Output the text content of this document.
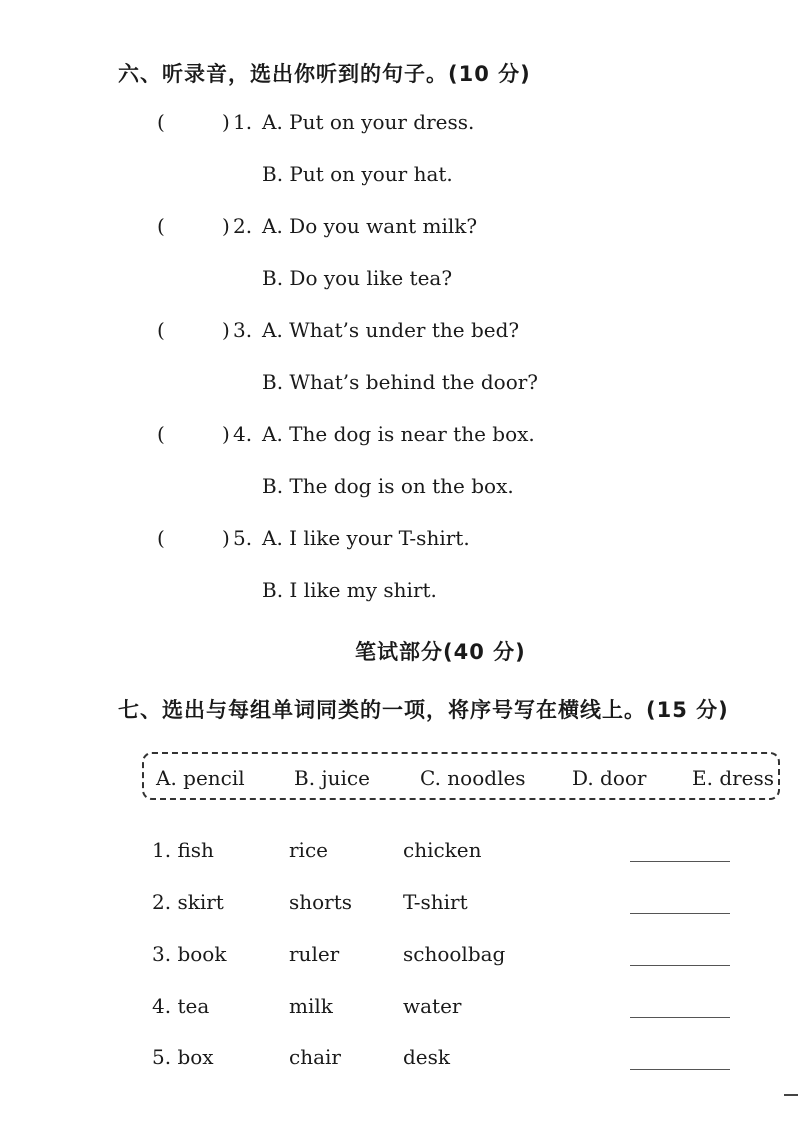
六、听录音，选出你听到的句子。(10 分)
(	) 1. A. Put on your dress.
B. Put on your hat.
(	) 2. A. Do you want milk?
B. Do you like tea?
(	) 3. A. What’s under the bed?
B. What’s behind the door?
(	) 4. A. The dog is near the box.
B. The dog is on the box.
(	) 5. A. I like your T-shirt.
B. I like my shirt.
笔试部分(40 分)
七、选出与每组单词同类的一项，将序号写在横线上。(15 分)
A. pencil B. juice	C. noodles D. door E. dress
1. fish	rice	chicken
2. skirt	shorts	T-shirt
3. book	ruler	schoolbag
4. tea	milk	water
5. box	chair	desk
